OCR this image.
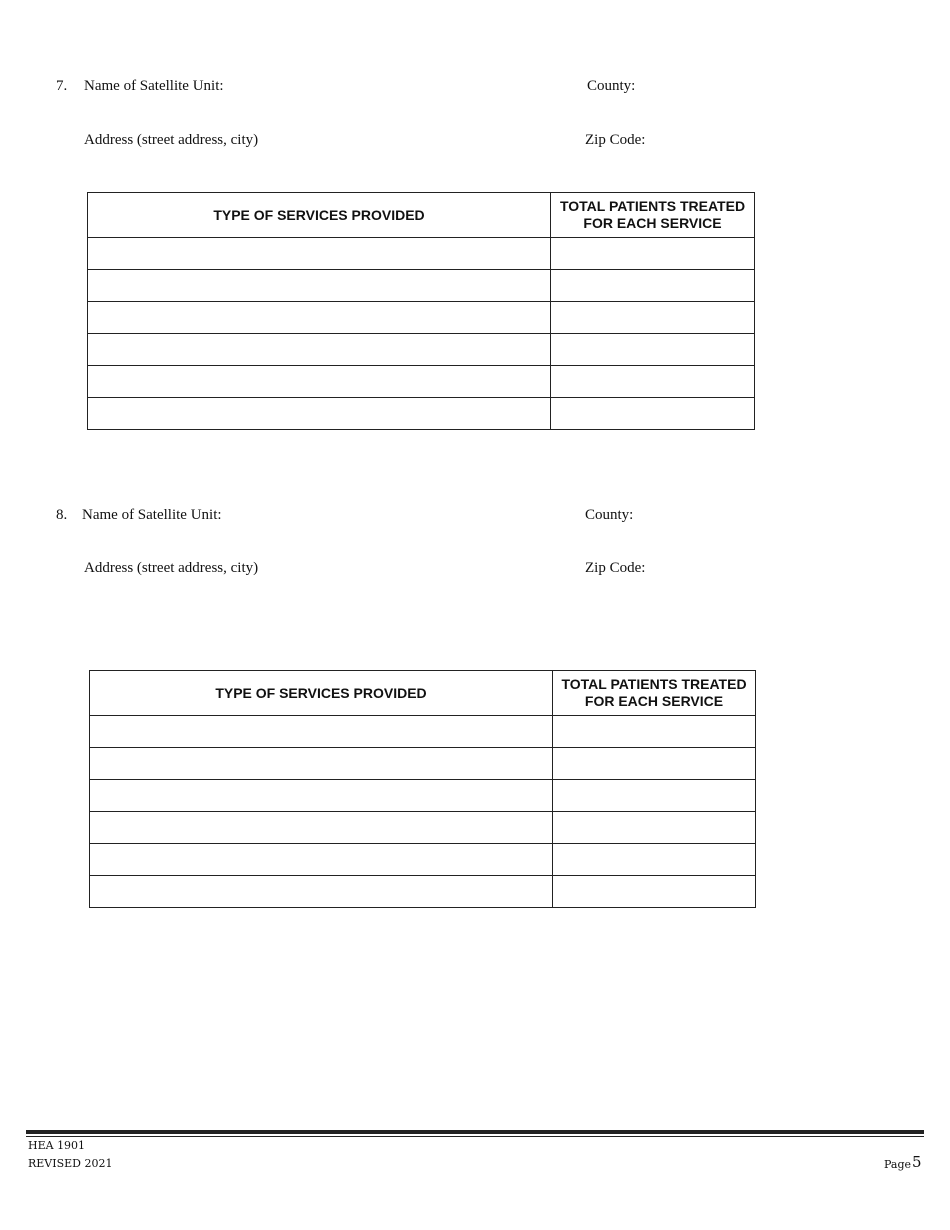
7. Name of Satellite Unit:	County:
Address (street address, city)	Zip Code:
TYPE OF SERVICES PROVIDED	TOTAL PATIENTS TREATED
FOR EACH SERVICE

8. Name of Satellite Unit:	County:
Address (street address, city)	Zip Code:
TYPE OF SERVICES PROVIDED	TOTAL PATIENTS TREATED
FOR EACH SERVICE

HEA 1901
REVISED 2021	Page 5
